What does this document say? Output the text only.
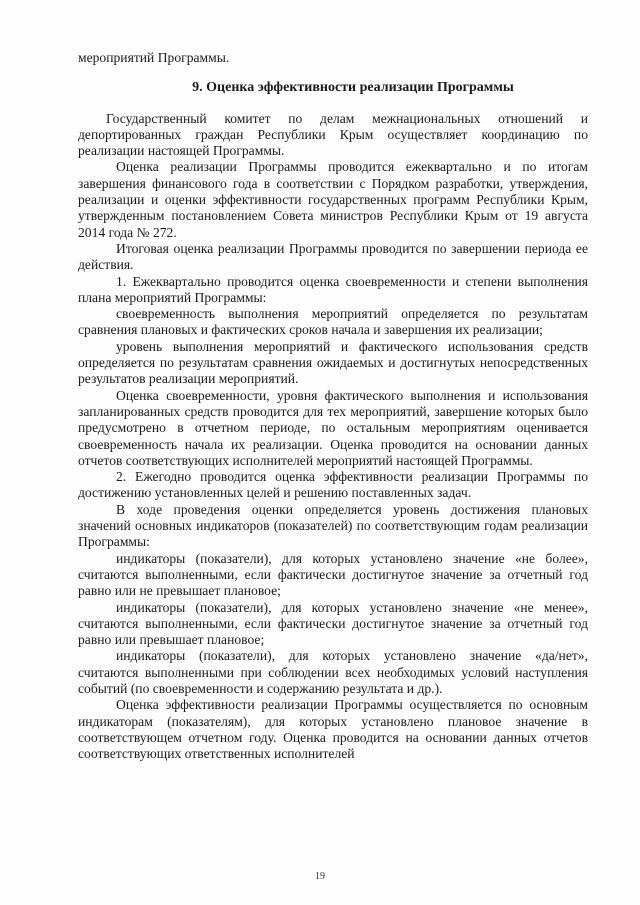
мероприятий Программы.

9. Оценка эффективности реализации Программы

Государственный комитет по делам межнациональных отношений и депортированных граждан Республики Крым осуществляет координацию по реализации настоящей Программы.

Оценка реализации Программы проводится ежеквартально и по итогам завершения финансового года в соответствии с Порядком разработки, утверждения, реализации и оценки эффективности государственных программ Республики Крым, утвержденным постановлением Совета министров Республики Крым от 19 августа 2014 года № 272.

Итоговая оценка реализации Программы проводится по завершении периода ее действия.

1. Ежеквартально проводится оценка своевременности и степени выполнения плана мероприятий Программы:

своевременность выполнения мероприятий определяется по результатам сравнения плановых и фактических сроков начала и завершения их реализации;

уровень выполнения мероприятий и фактического использования средств определяется по результатам сравнения ожидаемых и достигнутых непосредственных результатов реализации мероприятий.

Оценка своевременности, уровня фактического выполнения и использования запланированных средств проводится для тех мероприятий, завершение которых было предусмотрено в отчетном периоде, по остальным мероприятиям оценивается своевременность начала их реализации. Оценка проводится на основании данных отчетов соответствующих исполнителей мероприятий настоящей Программы.

2. Ежегодно проводится оценка эффективности реализации Программы по достижению установленных целей и решению поставленных задач.

В ходе проведения оценки определяется уровень достижения плановых значений основных индикаторов (показателей) по соответствующим годам реализации Программы:

индикаторы (показатели), для которых установлено значение «не более», считаются выполненными, если фактически достигнутое значение за отчетный год равно или не превышает плановое;

индикаторы (показатели), для которых установлено значение «не менее», считаются выполненными, если фактически достигнутое значение за отчетный год равно или превышает плановое;

индикаторы (показатели), для которых установлено значение «да/нет», считаются выполненными при соблюдении всех необходимых условий наступления событий (по своевременности и содержанию результата и др.).

Оценка эффективности реализации Программы осуществляется по основным индикаторам (показателям), для которых установлено плановое значение в соответствующем отчетном году. Оценка проводится на основании данных отчетов соответствующих ответственных исполнителей

19
